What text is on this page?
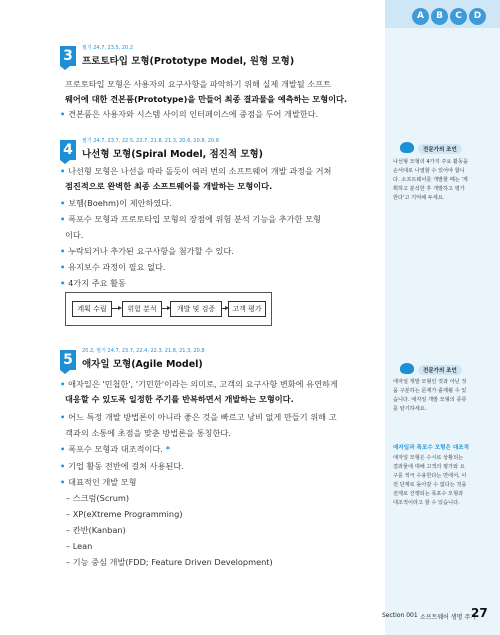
A	B	C	D
3	필기 24.7, 23.5, 20.2
프로토타입 모형(Prototype Model, 원형 모형)
프로토타입 모형은 사용자의 요구사항을 파악하기 위해 실제 개발될 소프트
웨어에 대한 견본품(Prototype)을 만들어 최종 결과물을 예측하는 모형이다.
• 견본품은 사용자와 시스템 사이의 인터페이스에 중점을 두어 개발한다.
4
필기 24.7, 23.7, 22.5, 22.7, 21.8, 21.3, 20.6, 20.8, 20.8
나선형 모형(Spiral Model, 점진적 모형)
• 나선형 모형은 나선을 따라 돌듯이 여러 번의 소프트웨어 개발 과정을 거쳐
점진적으로 완벽한 최종 소프트웨어를 개발하는 모형이다.
• 보헴(Boehm)이 제안하였다.
• 폭포수 모형과 프로토타입 모형의 장점에 위험 분석 기능을 추가한 모형
이다.
• 누락되거나 추가된 요구사항을 첨가할 수 있다.
• 유지보수 과정이 필요 없다.
• 4가지 주요 활동
계획 수립	위험 분석	개발 및 검증	고객 평가
5
20.2, 필기 24.7, 23.7, 22.4, 22.3, 21.8, 21.3, 20.8
애자일 모형(Agile Model)
• 애자일은 '민첩한', '기민한'이라는 의미로, 고객의 요구사항 변화에 유연하게
대응할 수 있도록 일정한 주기를 반복하면서 개발하는 모형이다.
• 어느 특정 개발 방법론이 아니라 좋은 것을 빠르고 낭비 없게 만들기 위해 고
객과의 소통에 초점을 맞춘 방법론을 통칭한다.
• 폭포수 모형과 대조적이다. *
• 기업 활동 전반에 걸쳐 사용된다.
• 대표적인 개발 모형
– 스크럼(Scrum)
– XP(eXtreme Programming)
– 칸반(Kanban)
– Lean
– 기능 중심 개발(FDD; Feature Driven Development)
전문가의 조언
나선형 모형의 4가지 주요 활동을
순서대로 나열할 수 있어야 합니
다. 소프트웨어를 개발할 때는 '계
획하고 분석한 후 개발하고 평가
한다'고 기억해 두세요.
전문가의 조언
애자일 개발 모형인 것과 아닌 것
을 구분하는 문제가 출제될 수 있
습니다. 애자일 개발 모형의 종류
를 암기하세요.
애자일과 폭포수 모형은 대조적
애자일 모형은 수시로 상황되는
결과물에 대해 고객의 평가와 요
구를 적극 수용한다는 면에서, 이
전 단계로 돌아갈 수 없다는 것을
전제로 진행되는 폭포수 모형과
대조적이라고 할 수 있습니다.
Section 001 소프트웨어 생명 주기
27
